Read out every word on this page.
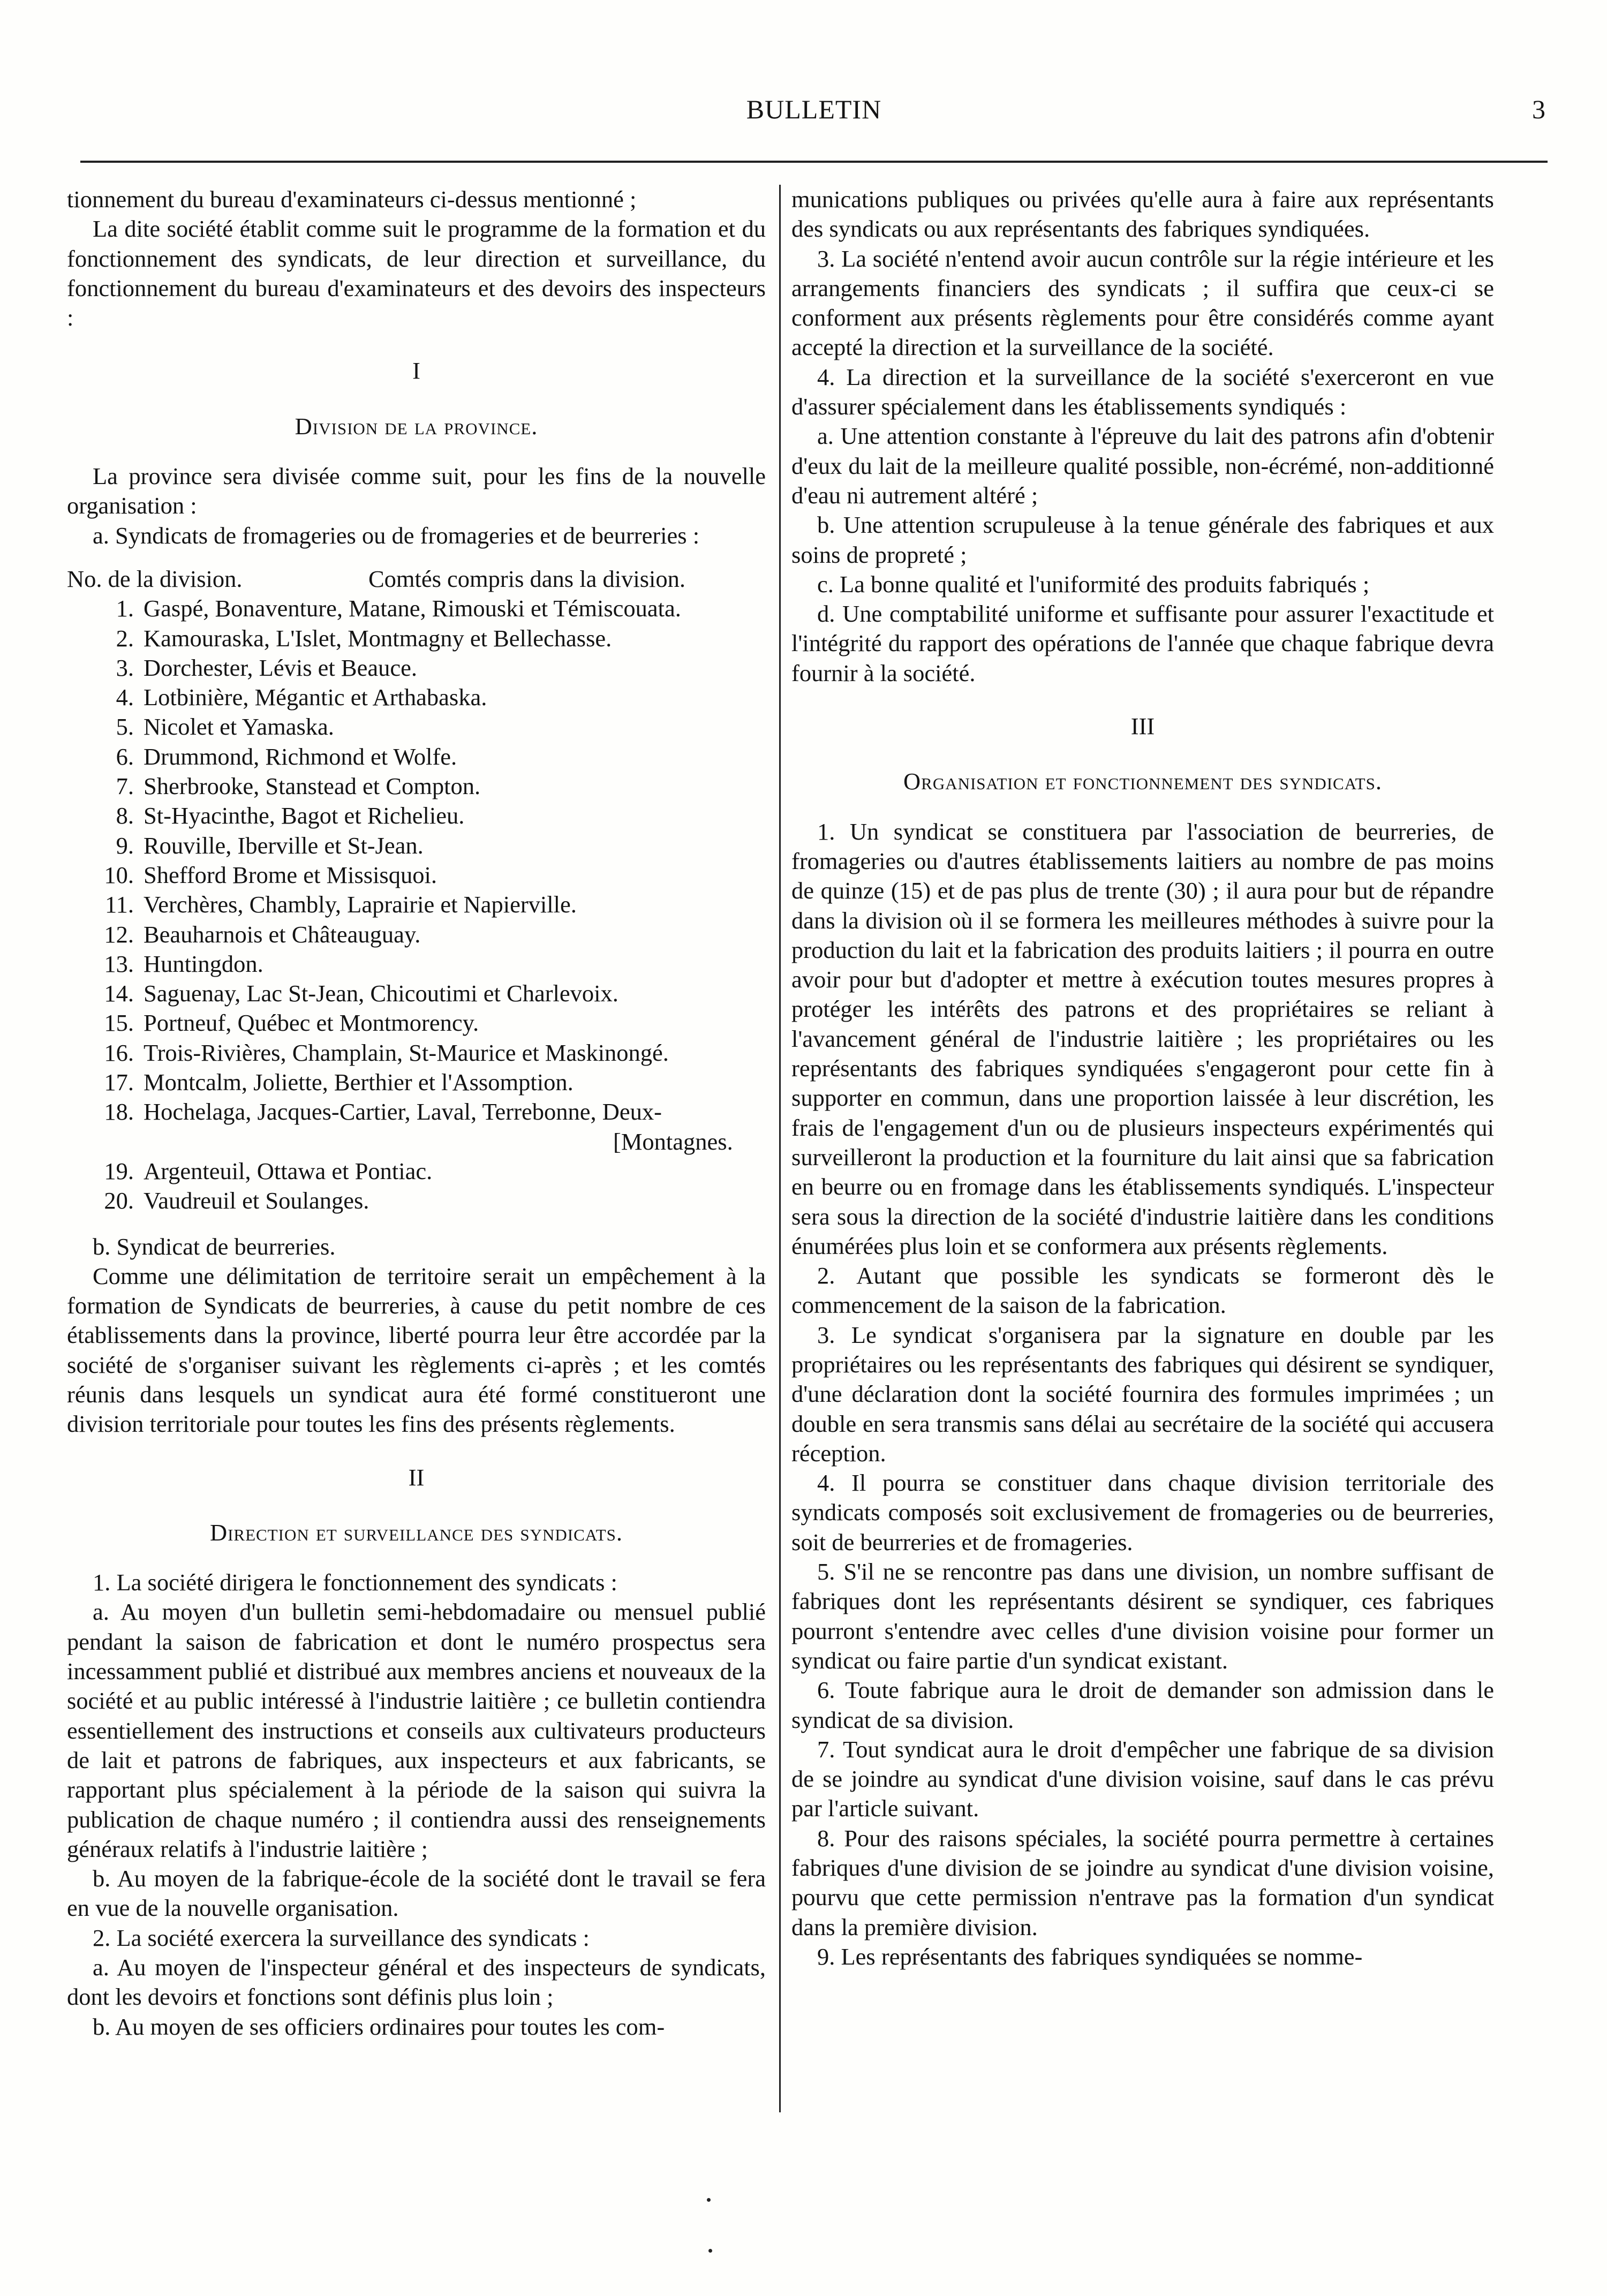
BULLETIN	3

tionnement du bureau d'examinateurs ci-dessus mentionné ;

La dite société établit comme suit le programme de la formation et du fonctionnement des syndicats, de leur direction et surveillance, du fonctionnement du bureau d'examinateurs et des devoirs des inspecteurs :

I

Division de la province.

La province sera divisée comme suit, pour les fins de la nouvelle organisation :

a. Syndicats de fromageries ou de fromageries et de beurreries :

No. de la division.	Comtés compris dans la division.
1. Gaspé, Bonaventure, Matane, Rimouski et Témiscouata.
2. Kamouraska, L'Islet, Montmagny et Bellechasse.
3. Dorchester, Lévis et Beauce.
4. Lotbinière, Mégantic et Arthabaska.
5. Nicolet et Yamaska.
6. Drummond, Richmond et Wolfe.
7. Sherbrooke, Stanstead et Compton.
8. St-Hyacinthe, Bagot et Richelieu.
9. Rouville, Iberville et St-Jean.
10. Shefford Brome et Missisquoi.
11. Verchères, Chambly, Laprairie et Napierville.
12. Beauharnois et Châteauguay.
13. Huntingdon.
14. Saguenay, Lac St-Jean, Chicoutimi et Charlevoix.
15. Portneuf, Québec et Montmorency.
16. Trois-Rivières, Champlain, St-Maurice et Maskinongé.
17. Montcalm, Joliette, Berthier et l'Assomption.
18. Hochelaga, Jacques-Cartier, Laval, Terrebonne, Deux-
[Montagnes.
19. Argenteuil, Ottawa et Pontiac.
20. Vaudreuil et Soulanges.

b. Syndicat de beurreries.

Comme une délimitation de territoire serait un empêchement à la formation de Syndicats de beurreries, à cause du petit nombre de ces établissements dans la province, liberté pourra leur être accordée par la société de s'organiser suivant les règlements ci-après ; et les comtés réunis dans lesquels un syndicat aura été formé constitueront une division territoriale pour toutes les fins des présents règlements.

II

Direction et surveillance des syndicats.

1. La société dirigera le fonctionnement des syndicats :

a. Au moyen d'un bulletin semi-hebdomadaire ou mensuel publié pendant la saison de fabrication et dont le numéro prospectus sera incessamment publié et distribué aux membres anciens et nouveaux de la société et au public intéressé à l'industrie laitière ; ce bulletin contiendra essentiellement des instructions et conseils aux cultivateurs producteurs de lait et patrons de fabriques, aux inspecteurs et aux fabricants, se rapportant plus spécialement à la période de la saison qui suivra la publication de chaque numéro ; il contiendra aussi des renseignements généraux relatifs à l'industrie laitière ;

b. Au moyen de la fabrique-école de la société dont le travail se fera en vue de la nouvelle organisation.

2. La société exercera la surveillance des syndicats :

a. Au moyen de l'inspecteur général et des inspecteurs de syndicats, dont les devoirs et fonctions sont définis plus loin ;

b. Au moyen de ses officiers ordinaires pour toutes les com-

munications publiques ou privées qu'elle aura à faire aux représentants des syndicats ou aux représentants des fabriques syndiquées.

3. La société n'entend avoir aucun contrôle sur la régie intérieure et les arrangements financiers des syndicats ; il suffira que ceux-ci se conforment aux présents règlements pour être considérés comme ayant accepté la direction et la surveillance de la société.

4. La direction et la surveillance de la société s'exerceront en vue d'assurer spécialement dans les établissements syndiqués :

a. Une attention constante à l'épreuve du lait des patrons afin d'obtenir d'eux du lait de la meilleure qualité possible, non-écrémé, non-additionné d'eau ni autrement altéré ;

b. Une attention scrupuleuse à la tenue générale des fabriques et aux soins de propreté ;

c. La bonne qualité et l'uniformité des produits fabriqués ;

d. Une comptabilité uniforme et suffisante pour assurer l'exactitude et l'intégrité du rapport des opérations de l'année que chaque fabrique devra fournir à la société.

III

Organisation et fonctionnement des syndicats.

1. Un syndicat se constituera par l'association de beurreries, de fromageries ou d'autres établissements laitiers au nombre de pas moins de quinze (15) et de pas plus de trente (30) ; il aura pour but de répandre dans la division où il se formera les meilleures méthodes à suivre pour la production du lait et la fabrication des produits laitiers ; il pourra en outre avoir pour but d'adopter et mettre à exécution toutes mesures propres à protéger les intérêts des patrons et des propriétaires se reliant à l'avancement général de l'industrie laitière ; les propriétaires ou les représentants des fabriques syndiquées s'engageront pour cette fin à supporter en commun, dans une proportion laissée à leur discrétion, les frais de l'engagement d'un ou de plusieurs inspecteurs expérimentés qui surveilleront la production et la fourniture du lait ainsi que sa fabrication en beurre ou en fromage dans les établissements syndiqués. L'inspecteur sera sous la direction de la société d'industrie laitière dans les conditions énumérées plus loin et se conformera aux présents règlements.

2. Autant que possible les syndicats se formeront dès le commencement de la saison de la fabrication.

3. Le syndicat s'organisera par la signature en double par les propriétaires ou les représentants des fabriques qui désirent se syndiquer, d'une déclaration dont la société fournira des formules imprimées ; un double en sera transmis sans délai au secrétaire de la société qui accusera réception.

4. Il pourra se constituer dans chaque division territoriale des syndicats composés soit exclusivement de fromageries ou de beurreries, soit de beurreries et de fromageries.

5. S'il ne se rencontre pas dans une division, un nombre suffisant de fabriques dont les représentants désirent se syndiquer, ces fabriques pourront s'entendre avec celles d'une division voisine pour former un syndicat ou faire partie d'un syndicat existant.

6. Toute fabrique aura le droit de demander son admission dans le syndicat de sa division.

7. Tout syndicat aura le droit d'empêcher une fabrique de sa division de se joindre au syndicat d'une division voisine, sauf dans le cas prévu par l'article suivant.

8. Pour des raisons spéciales, la société pourra permettre à certaines fabriques d'une division de se joindre au syndicat d'une division voisine, pourvu que cette permission n'entrave pas la formation d'un syndicat dans la première division.

9. Les représentants des fabriques syndiquées se nomme-
